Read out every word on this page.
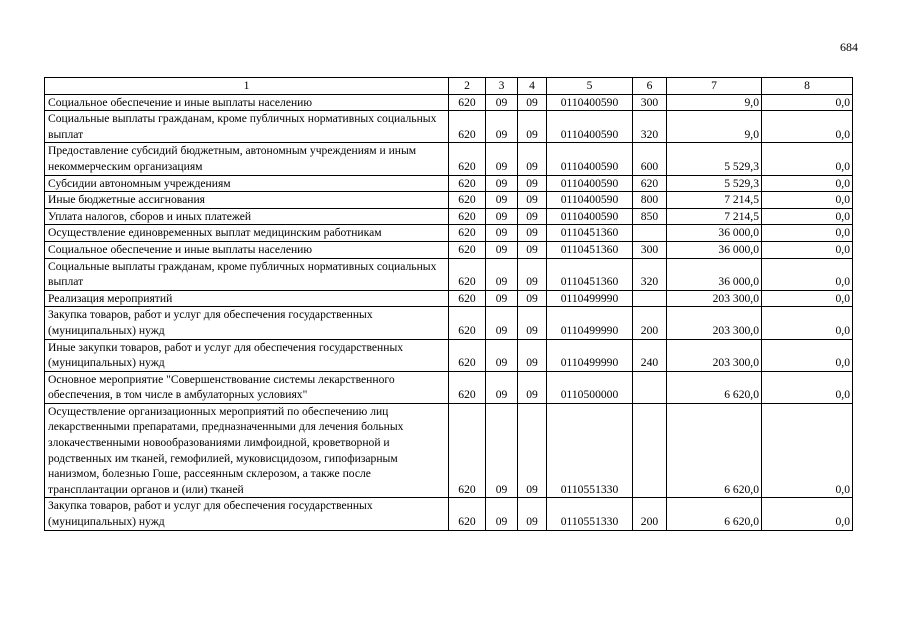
684
1	2	3	4	5	6	7	8
Социальное обеспечение и иные выплаты населению	620	09	09	0110400590	300	9,0	0,0
Социальные выплаты гражданам, кроме публичных нормативных социальных выплат	620	09	09	0110400590	320	9,0	0,0
Предоставление субсидий бюджетным, автономным учреждениям и иным некоммерческим организациям	620	09	09	0110400590	600	5 529,3	0,0
Субсидии автономным учреждениям	620	09	09	0110400590	620	5 529,3	0,0
Иные бюджетные ассигнования	620	09	09	0110400590	800	7 214,5	0,0
Уплата налогов, сборов и иных платежей	620	09	09	0110400590	850	7 214,5	0,0
Осуществление единовременных выплат медицинским работникам	620	09	09	0110451360		36 000,0	0,0
Социальное обеспечение и иные выплаты населению	620	09	09	0110451360	300	36 000,0	0,0
Социальные выплаты гражданам, кроме публичных нормативных социальных выплат	620	09	09	0110451360	320	36 000,0	0,0
Реализация мероприятий	620	09	09	0110499990		203 300,0	0,0
Закупка товаров, работ и услуг для обеспечения государственных (муниципальных) нужд	620	09	09	0110499990	200	203 300,0	0,0
Иные закупки товаров, работ и услуг для обеспечения государственных (муниципальных) нужд	620	09	09	0110499990	240	203 300,0	0,0
Основное мероприятие "Совершенствование системы лекарственного обеспечения, в том числе в амбулаторных условиях"	620	09	09	0110500000		6 620,0	0,0
Осуществление организационных мероприятий по обеспечению лиц лекарственными препаратами, предназначенными для лечения больных злокачественными новообразованиями лимфоидной, кроветворной и родственных им тканей, гемофилией, муковисцидозом, гипофизарным нанизмом, болезнью Гоше, рассеянным склерозом, а также после трансплантации органов и (или) тканей	620	09	09	0110551330		6 620,0	0,0
Закупка товаров, работ и услуг для обеспечения государственных (муниципальных) нужд	620	09	09	0110551330	200	6 620,0	0,0
